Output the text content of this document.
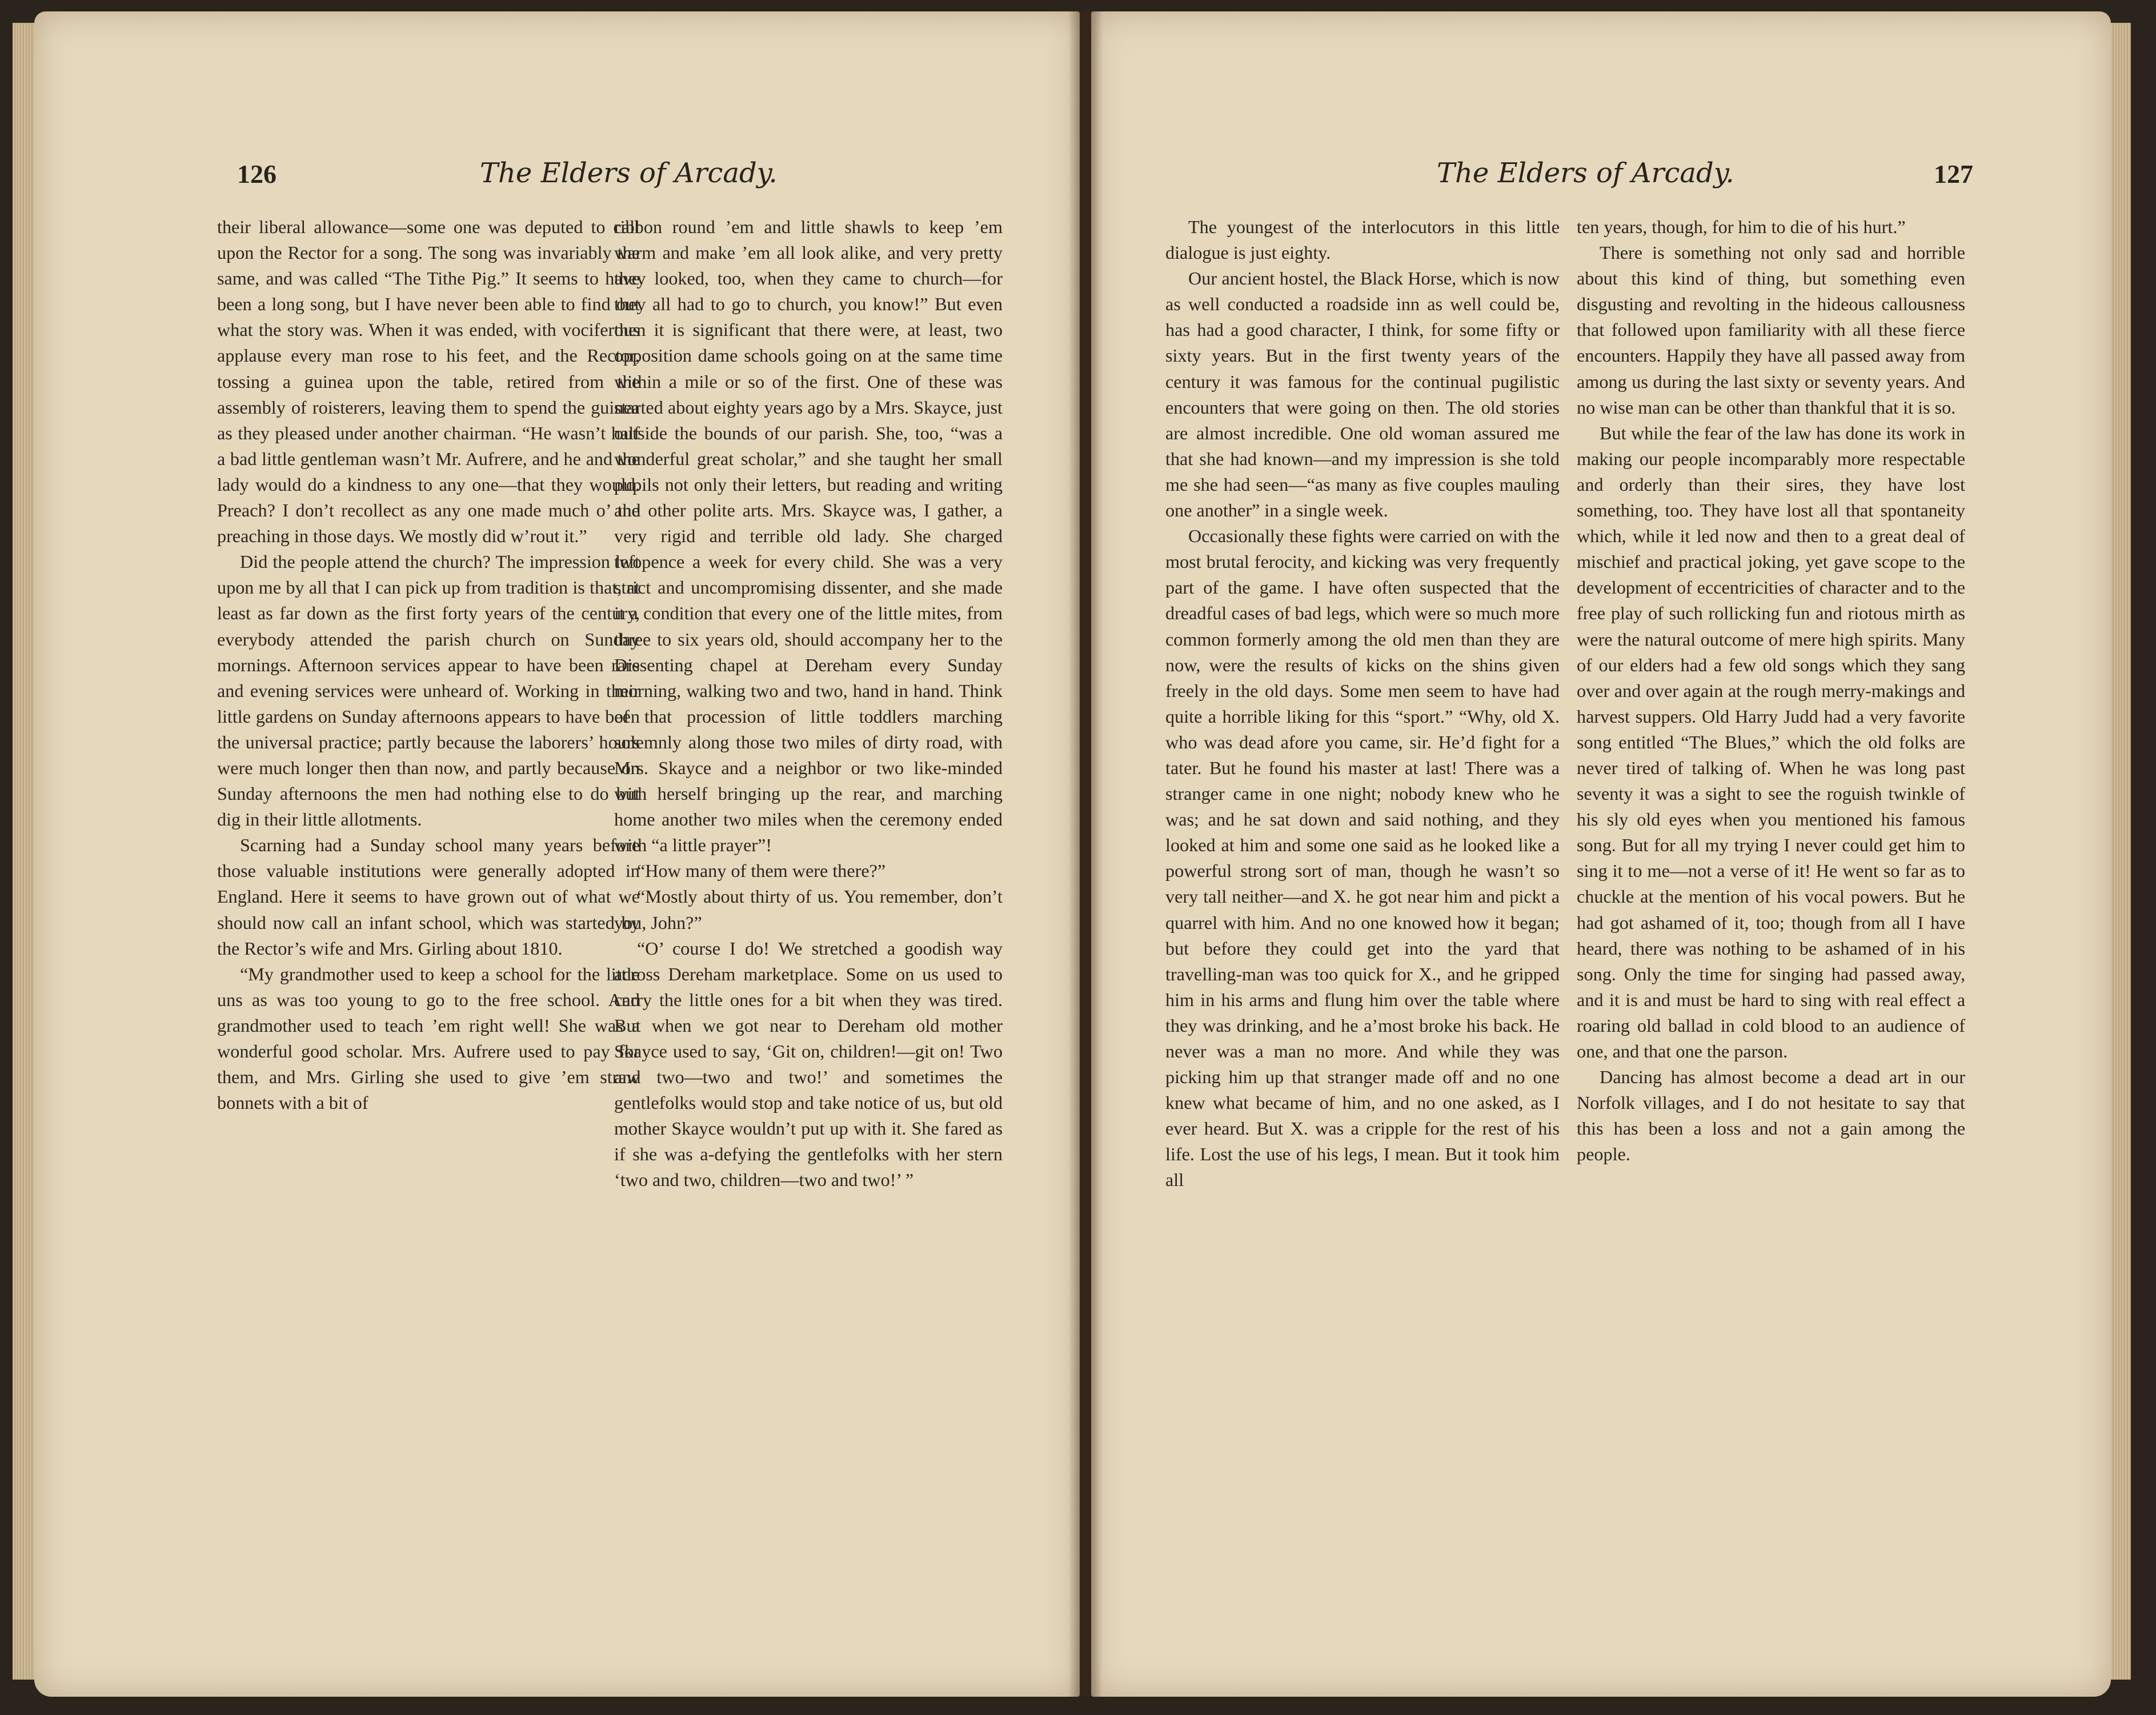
126	The Elders of Arcady.

their liberal allowance—some one was deputed to call upon the Rector for a song. The song was invariably the same, and was called “The Tithe Pig.” It seems to have been a long song, but I have never been able to find out what the story was. When it was ended, with vociferous applause every man rose to his feet, and the Rector, tossing a guinea upon the table, retired from the assembly of roisterers, leaving them to spend the guinea as they pleased under another chairman. “He wasn’t half a bad little gentleman wasn’t Mr. Aufrere, and he and the lady would do a kindness to any one—that they would. Preach? I don’t recollect as any one made much o’ the preaching in those days. We mostly did w’rout it.”

Did the people attend the church? The impression left upon me by all that I can pick up from tradition is that, at least as far down as the first forty years of the century, everybody attended the parish church on Sunday mornings. Afternoon services appear to have been rare and evening services were unheard of. Working in their little gardens on Sunday afternoons appears to have been the universal practice; partly because the laborers’ hours were much longer then than now, and partly because on Sunday afternoons the men had nothing else to do but dig in their little allotments.

Scarning had a Sunday school many years before those valuable institutions were generally adopted in England. Here it seems to have grown out of what we should now call an infant school, which was started by the Rector’s wife and Mrs. Girling about 1810.

“My grandmother used to keep a school for the little uns as was too young to go to the free school. And grandmother used to teach ’em right well! She was a wonderful good scholar. Mrs. Aufrere used to pay for them, and Mrs. Girling she used to give ’em straw bonnets with a bit of

ribbon round ’em and little shawls to keep ’em warm and make ’em all look alike, and very pretty they looked, too, when they came to church—for they all had to go to church, you know!” But even then it is significant that there were, at least, two opposition dame schools going on at the same time within a mile or so of the first. One of these was started about eighty years ago by a Mrs. Skayce, just outside the bounds of our parish. She, too, “was a wonderful great scholar,” and she taught her small pupils not only their letters, but reading and writing and other polite arts. Mrs. Skayce was, I gather, a very rigid and terrible old lady. She charged twopence a week for every child. She was a very strict and uncompromising dissenter, and she made it a condition that every one of the little mites, from three to six years old, should accompany her to the Dissenting chapel at Dereham every Sunday morning, walking two and two, hand in hand. Think of that procession of little toddlers marching solemnly along those two miles of dirty road, with Mrs. Skayce and a neighbor or two like-minded with herself bringing up the rear, and marching home another two miles when the ceremony ended with “a little prayer”!

“How many of them were there?”

“Mostly about thirty of us. You remember, don’t you, John?”

“O’ course I do! We stretched a goodish way across Dereham marketplace. Some on us used to carry the little ones for a bit when they was tired. But when we got near to Dereham old mother Skayce used to say, ‘Git on, children!—git on! Two and two—two and two!’ and sometimes the gentlefolks would stop and take notice of us, but old mother Skayce wouldn’t put up with it. She fared as if she was a-defying the gentlefolks with her stern ‘two and two, children—two and two!’ ”

The Elders of Arcady.	127

The youngest of the interlocutors in this little dialogue is just eighty.

Our ancient hostel, the Black Horse, which is now as well conducted a roadside inn as well could be, has had a good character, I think, for some fifty or sixty years. But in the first twenty years of the century it was famous for the continual pugilistic encounters that were going on then. The old stories are almost incredible. One old woman assured me that she had known—and my impression is she told me she had seen—“as many as five couples mauling one another” in a single week.

Occasionally these fights were carried on with the most brutal ferocity, and kicking was very frequently part of the game. I have often suspected that the dreadful cases of bad legs, which were so much more common formerly among the old men than they are now, were the results of kicks on the shins given freely in the old days. Some men seem to have had quite a horrible liking for this “sport.” “Why, old X. who was dead afore you came, sir. He’d fight for a tater. But he found his master at last! There was a stranger came in one night; nobody knew who he was; and he sat down and said nothing, and they looked at him and some one said as he looked like a powerful strong sort of man, though he wasn’t so very tall neither—and X. he got near him and pickt a quarrel with him. And no one knowed how it began; but before they could get into the yard that travelling-man was too quick for X., and he gripped him in his arms and flung him over the table where they was drinking, and he a’most broke his back. He never was a man no more. And while they was picking him up that stranger made off and no one knew what became of him, and no one asked, as I ever heard. But X. was a cripple for the rest of his life. Lost the use of his legs, I mean. But it took him all

ten years, though, for him to die of his hurt.”

There is something not only sad and horrible about this kind of thing, but something even disgusting and revolting in the hideous callousness that followed upon familiarity with all these fierce encounters. Happily they have all passed away from among us during the last sixty or seventy years. And no wise man can be other than thankful that it is so.

But while the fear of the law has done its work in making our people incomparably more respectable and orderly than their sires, they have lost something, too. They have lost all that spontaneity which, while it led now and then to a great deal of mischief and practical joking, yet gave scope to the development of eccentricities of character and to the free play of such rollicking fun and riotous mirth as were the natural outcome of mere high spirits. Many of our elders had a few old songs which they sang over and over again at the rough merry-makings and harvest suppers. Old Harry Judd had a very favorite song entitled “The Blues,” which the old folks are never tired of talking of. When he was long past seventy it was a sight to see the roguish twinkle of his sly old eyes when you mentioned his famous song. But for all my trying I never could get him to sing it to me—not a verse of it! He went so far as to chuckle at the mention of his vocal powers. But he had got ashamed of it, too; though from all I have heard, there was nothing to be ashamed of in his song. Only the time for singing had passed away, and it is and must be hard to sing with real effect a roaring old ballad in cold blood to an audience of one, and that one the parson.

Dancing has almost become a dead art in our Norfolk villages, and I do not hesitate to say that this has been a loss and not a gain among the people.
